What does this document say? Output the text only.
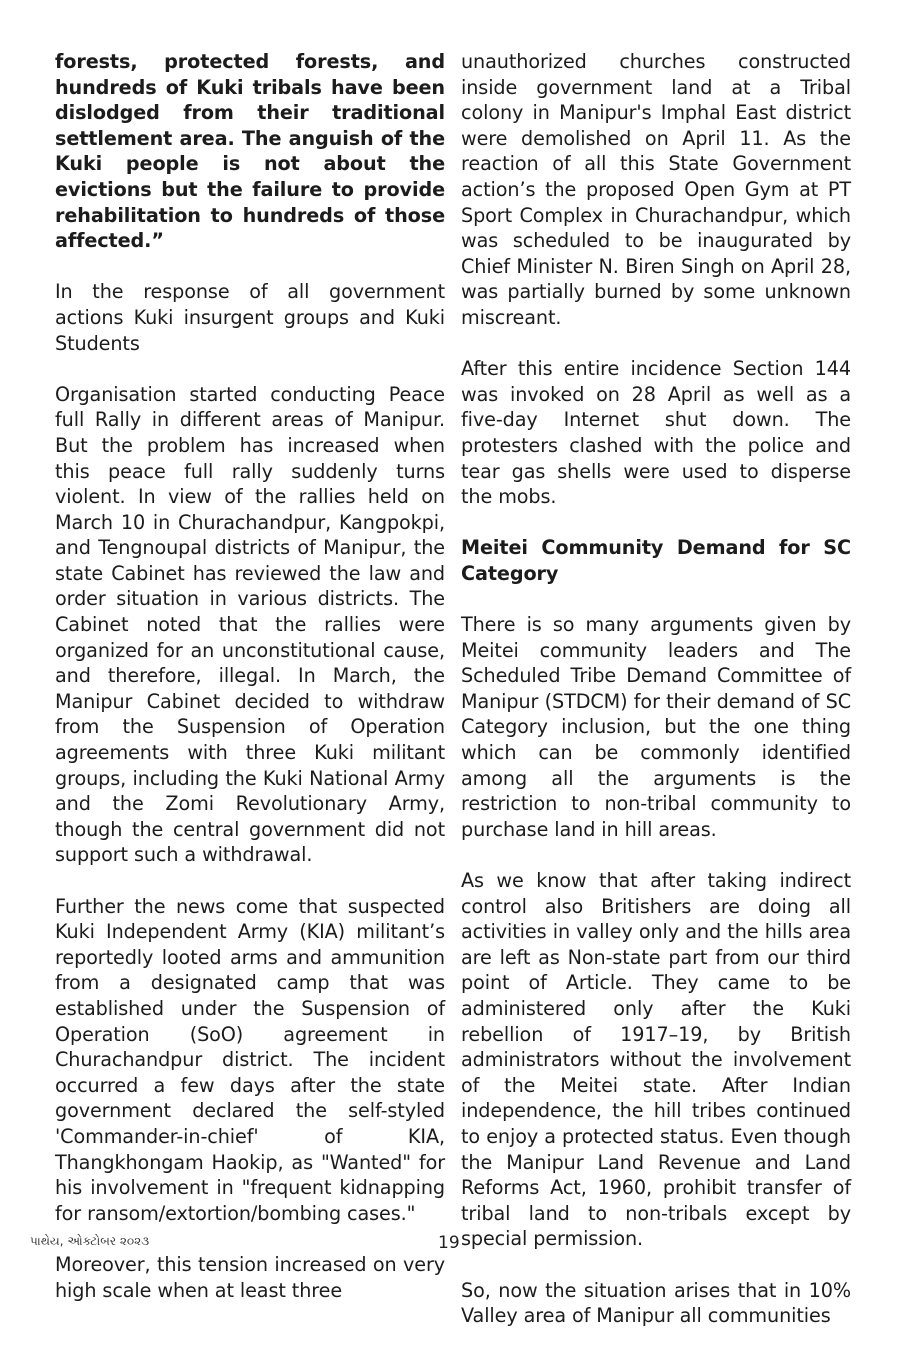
forests, protected forests, and hundreds of Kuki tribals have been dislodged from their traditional settlement area. The anguish of the Kuki people is not about the evictions but the failure to provide rehabilitation to hundreds of those affected.”

In the response of all government actions Kuki insurgent groups and Kuki Students

Organisation started conducting Peace full Rally in different areas of Manipur. But the problem has increased when this peace full rally suddenly turns violent. In view of the rallies held on March 10 in Churachandpur, Kangpokpi, and Tengnoupal districts of Manipur, the state Cabinet has reviewed the law and order situation in various districts. The Cabinet noted that the rallies were organized for an unconstitutional cause, and therefore, illegal. In March, the Manipur Cabinet decided to withdraw from the Suspension of Operation agreements with three Kuki militant groups, including the Kuki National Army and the Zomi Revolutionary Army, though the central government did not support such a withdrawal.

Further the news come that suspected Kuki Independent Army (KIA) militant’s reportedly looted arms and ammunition from a designated camp that was established under the Suspension of Operation (SoO) agreement in Churachandpur district. The incident occurred a few days after the state government declared the self-styled 'Commander-in-chief' of KIA, Thangkhongam Haokip, as "Wanted" for his involvement in "frequent kidnapping for ransom/extortion/bombing cases."

Moreover, this tension increased on very high scale when at least three

unauthorized churches constructed inside government land at a Tribal colony in Manipur's Imphal East district were demolished on April 11. As the reaction of all this State Government action’s the proposed Open Gym at PT Sport Complex in Churachandpur, which was scheduled to be inaugurated by Chief Minister N. Biren Singh on April 28, was partially burned by some unknown miscreant.

After this entire incidence Section 144 was invoked on 28 April as well as a five-day Internet shut down. The protesters clashed with the police and tear gas shells were used to disperse the mobs.

Meitei Community Demand for SC Category

There is so many arguments given by Meitei community leaders and The Scheduled Tribe Demand Committee of Manipur (STDCM) for their demand of SC Category inclusion, but the one thing which can be commonly identified among all the arguments is the restriction to non-tribal community to purchase land in hill areas.

As we know that after taking indirect control also Britishers are doing all activities in valley only and the hills area are left as Non-state part from our third point of Article. They came to be administered only after the Kuki rebellion of 1917–19, by British administrators without the involvement of the Meitei state. After Indian independence, the hill tribes continued to enjoy a protected status. Even though the Manipur Land Revenue and Land Reforms Act, 1960, prohibit transfer of tribal land to non-tribals except by special permission.

So, now the situation arises that in 10% Valley area of Manipur all communities

પાથેય, ઓક્ટોબર ૨૦૨૩	19
